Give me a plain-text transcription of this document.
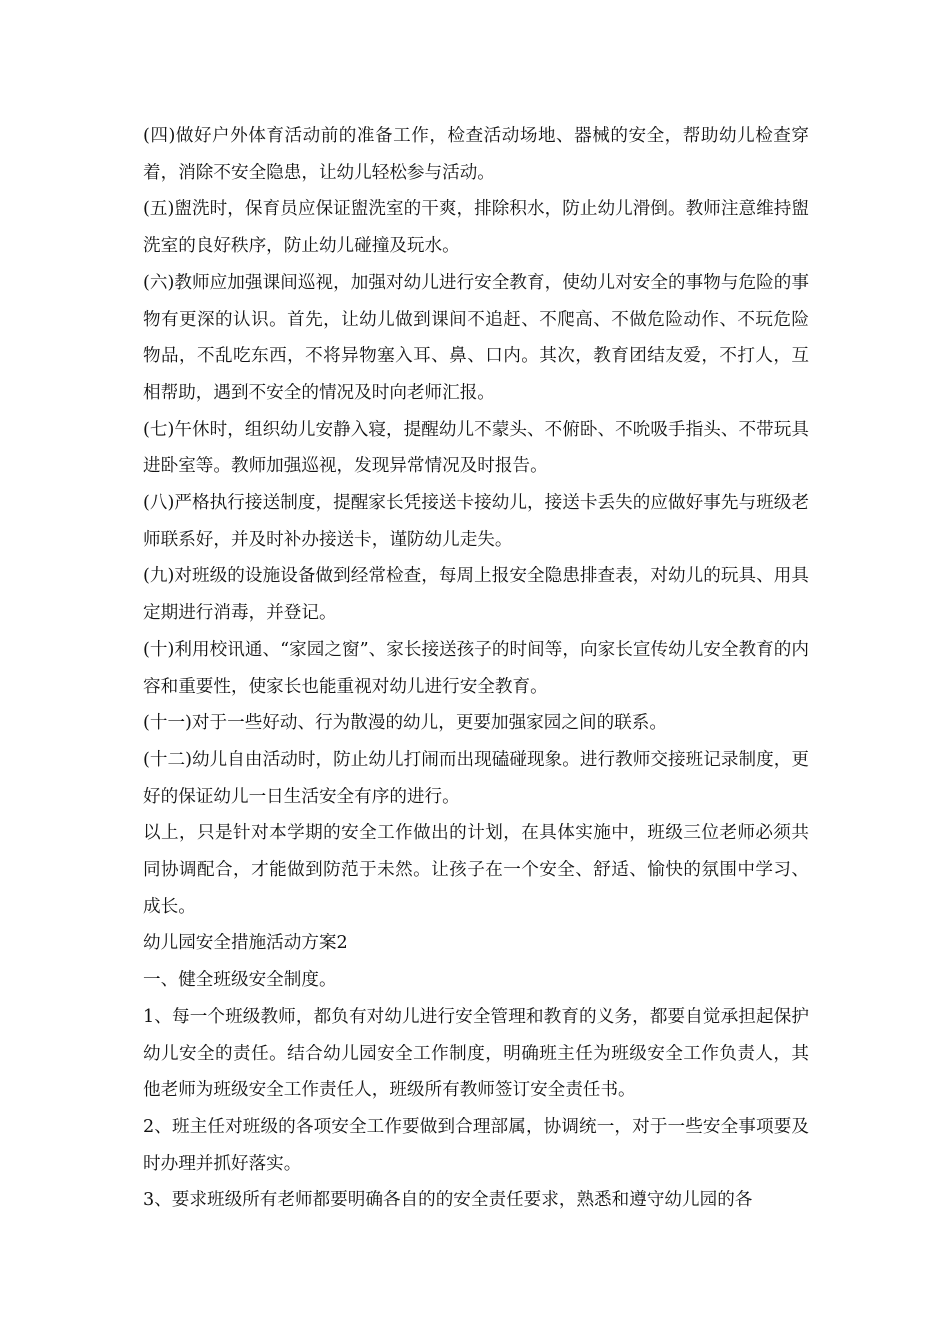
(四)做好户外体育活动前的准备工作，检查活动场地、器械的安全，帮助幼儿检查穿着，消除不安全隐患，让幼儿轻松参与活动。

(五)盥洗时，保育员应保证盥洗室的干爽，排除积水，防止幼儿滑倒。教师注意维持盥洗室的良好秩序，防止幼儿碰撞及玩水。

(六)教师应加强课间巡视，加强对幼儿进行安全教育，使幼儿对安全的事物与危险的事物有更深的认识。首先，让幼儿做到课间不追赶、不爬高、不做危险动作、不玩危险物品，不乱吃东西，不将异物塞入耳、鼻、口内。其次，教育团结友爱，不打人，互相帮助，遇到不安全的情况及时向老师汇报。

(七)午休时，组织幼儿安静入寝，提醒幼儿不蒙头、不俯卧、不吮吸手指头、不带玩具进卧室等。教师加强巡视，发现异常情况及时报告。

(八)严格执行接送制度，提醒家长凭接送卡接幼儿，接送卡丢失的应做好事先与班级老师联系好，并及时补办接送卡，谨防幼儿走失。

(九)对班级的设施设备做到经常检查，每周上报安全隐患排查表，对幼儿的玩具、用具定期进行消毒，并登记。

(十)利用校讯通、“家园之窗”、家长接送孩子的时间等，向家长宣传幼儿安全教育的内容和重要性，使家长也能重视对幼儿进行安全教育。

(十一)对于一些好动、行为散漫的幼儿，更要加强家园之间的联系。

(十二)幼儿自由活动时，防止幼儿打闹而出现磕碰现象。进行教师交接班记录制度，更好的保证幼儿一日生活安全有序的进行。

以上，只是针对本学期的安全工作做出的计划，在具体实施中，班级三位老师必须共同协调配合，才能做到防范于未然。让孩子在一个安全、舒适、愉快的氛围中学习、成长。

幼儿园安全措施活动方案2

一、健全班级安全制度。

1、每一个班级教师，都负有对幼儿进行安全管理和教育的义务，都要自觉承担起保护幼儿安全的责任。结合幼儿园安全工作制度，明确班主任为班级安全工作负责人，其他老师为班级安全工作责任人，班级所有教师签订安全责任书。

2、班主任对班级的各项安全工作要做到合理部属，协调统一，对于一些安全事项要及时办理并抓好落实。

3、要求班级所有老师都要明确各自的的安全责任要求，熟悉和遵守幼儿园的各
